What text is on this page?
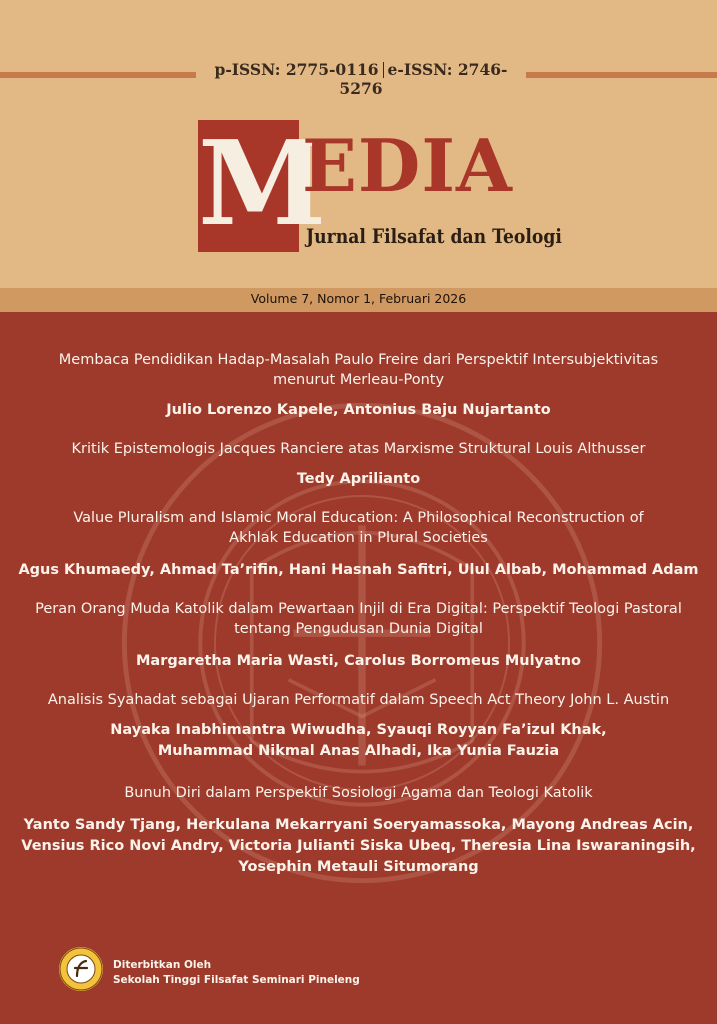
p-ISSN: 2775-0116 e-ISSN: 2746-5276
M
EDIA
Jurnal Filsafat dan Teologi
Volume 7, Nomor 1, Februari 2026
Membaca Pendidikan Hadap-Masalah Paulo Freire dari Perspektif Intersubjektivitas
menurut Merleau-Ponty
Julio Lorenzo Kapele, Antonius Baju Nujartanto
Kritik Epistemologis Jacques Ranciere atas Marxisme Struktural Louis Althusser
Tedy Aprilianto
Value Pluralism and Islamic Moral Education: A Philosophical Reconstruction of
Akhlak Education in Plural Societies
Agus Khumaedy, Ahmad Ta’rifin, Hani Hasnah Safitri, Ulul Albab, Mohammad Adam
Peran Orang Muda Katolik dalam Pewartaan Injil di Era Digital: Perspektif Teologi Pastoral
tentang Pengudusan Dunia Digital
Margaretha Maria Wasti, Carolus Borromeus Mulyatno
Analisis Syahadat sebagai Ujaran Performatif dalam Speech Act Theory John L. Austin
Nayaka Inabhimantra Wiwudha, Syauqi Royyan Fa’izul Khak,
Muhammad Nikmal Anas Alhadi, Ika Yunia Fauzia
Bunuh Diri dalam Perspektif Sosiologi Agama dan Teologi Katolik
Yanto Sandy Tjang, Herkulana Mekarryani Soeryamassoka, Mayong Andreas Acin,
Vensius Rico Novi Andry, Victoria Julianti Siska Ubeq, Theresia Lina Iswaraningsih,
Yosephin Metauli Situmorang
Diterbitkan Oleh
Sekolah Tinggi Filsafat Seminari Pineleng
